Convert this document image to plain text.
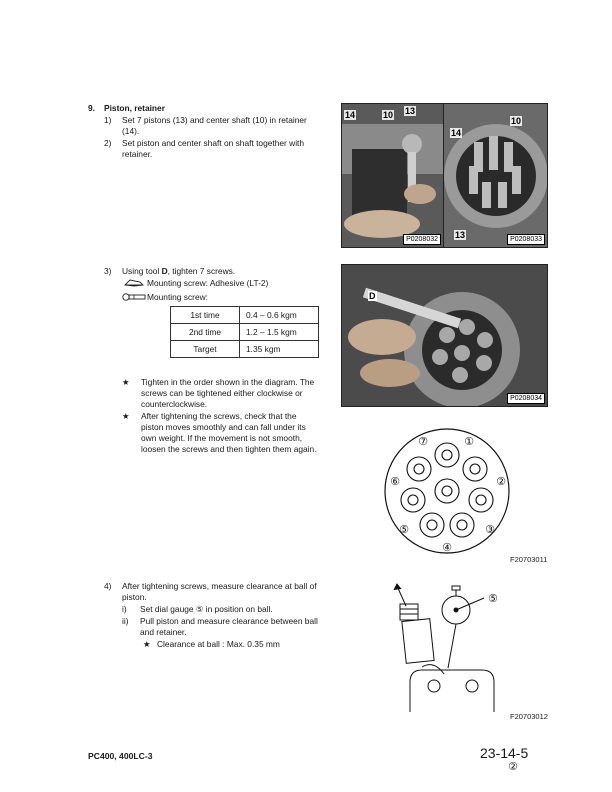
9. Piston, retainer
1) Set 7 pistons (13) and center shaft (10) in retainer
(14).
2) Set piston and center shaft on shaft together with
retainer.
14	10 13
P0208032
10
14
13	P0208033
3) Using tool D, tighten 7 screws.
Mounting screw: Adhesive (LT-2)
Mounting screw:
1st time	0.4 – 0.6 kgm
2nd time	1.2 – 1.5 kgm
Target	1.35 kgm
★	Tighten in the order shown in the diagram. The
screws can be tightened either clockwise or
counterclockwise.
★	After tightening the screws, check that the
piston moves smoothly and can fall under its
own weight. If the movement is not smooth,
loosen the screws and then tighten them again.
D
P0208034
⑦	①
⑥	②
⑤	③
④
F20703011
4) After tightening screws, measure clearance at ball of
piston.
i) Set dial gauge ⑤ in position on ball.
ii) Pull piston and measure clearance between ball
and retainer.
★ Clearance at ball : Max. 0.35 mm
⑤
F20703012
PC400, 400LC-3	23-14-5
②
